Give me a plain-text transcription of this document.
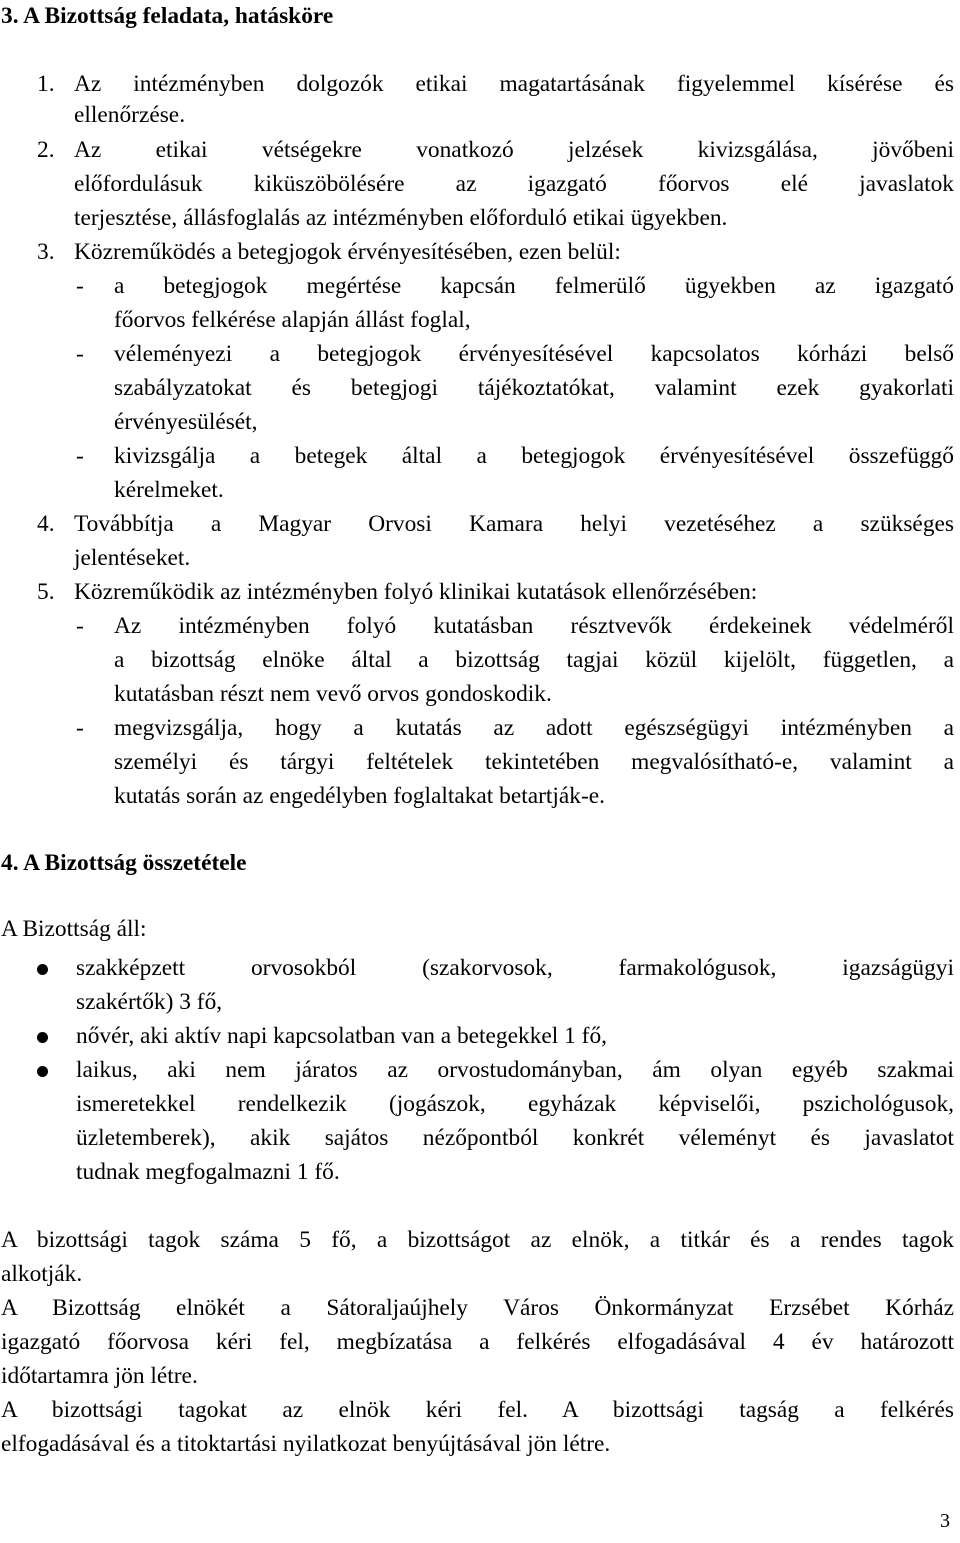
3. A Bizottság feladata, hatásköre
1. Az intézményben dolgozók etikai magatartásának figyelemmel kísérése és
ellenőrzése.
2. Az etikai vétségekre vonatkozó jelzések kivizsgálása, jövőbeni
előfordulásuk kiküszöbölésére az igazgató főorvos elé javaslatok
terjesztése, állásfoglalás az intézményben előforduló etikai ügyekben.
3. Közreműködés a betegjogok érvényesítésében, ezen belül:
- a betegjogok megértése kapcsán felmerülő ügyekben az igazgató
főorvos felkérése alapján állást foglal,
- véleményezi a betegjogok érvényesítésével kapcsolatos kórházi belső
szabályzatokat és betegjogi tájékoztatókat, valamint ezek gyakorlati
érvényesülését,
- kivizsgálja a betegek által a betegjogok érvényesítésével összefüggő
kérelmeket.
4. Továbbítja a Magyar Orvosi Kamara helyi vezetéséhez a szükséges
jelentéseket.
5. Közreműködik az intézményben folyó klinikai kutatások ellenőrzésében:
- Az intézményben folyó kutatásban résztvevők érdekeinek védelméről
a bizottság elnöke által a bizottság tagjai közül kijelölt, független, a
kutatásban részt nem vevő orvos gondoskodik.
- megvizsgálja, hogy a kutatás az adott egészségügyi intézményben a
személyi és tárgyi feltételek tekintetében megvalósítható-e, valamint a
kutatás során az engedélyben foglaltakat betartják-e.
4. A Bizottság összetétele
A Bizottság áll:
szakképzett orvosokból (szakorvosok, farmakológusok, igazságügyi
szakértők) 3 fő,
nővér, aki aktív napi kapcsolatban van a betegekkel 1 fő,
laikus, aki nem járatos az orvostudományban, ám olyan egyéb szakmai
ismeretekkel rendelkezik (jogászok, egyházak képviselői, pszichológusok,
üzletemberek), akik sajátos nézőpontból konkrét véleményt és javaslatot
tudnak megfogalmazni 1 fő.
A bizottsági tagok száma 5 fő, a bizottságot az elnök, a titkár és a rendes tagok
alkotják.
A Bizottság elnökét a Sátoraljaújhely Város Önkormányzat Erzsébet Kórház
igazgató főorvosa kéri fel, megbízatása a felkérés elfogadásával 4 év határozott
időtartamra jön létre.
A bizottsági tagokat az elnök kéri fel. A bizottsági tagság a felkérés
elfogadásával és a titoktartási nyilatkozat benyújtásával jön létre.
3
